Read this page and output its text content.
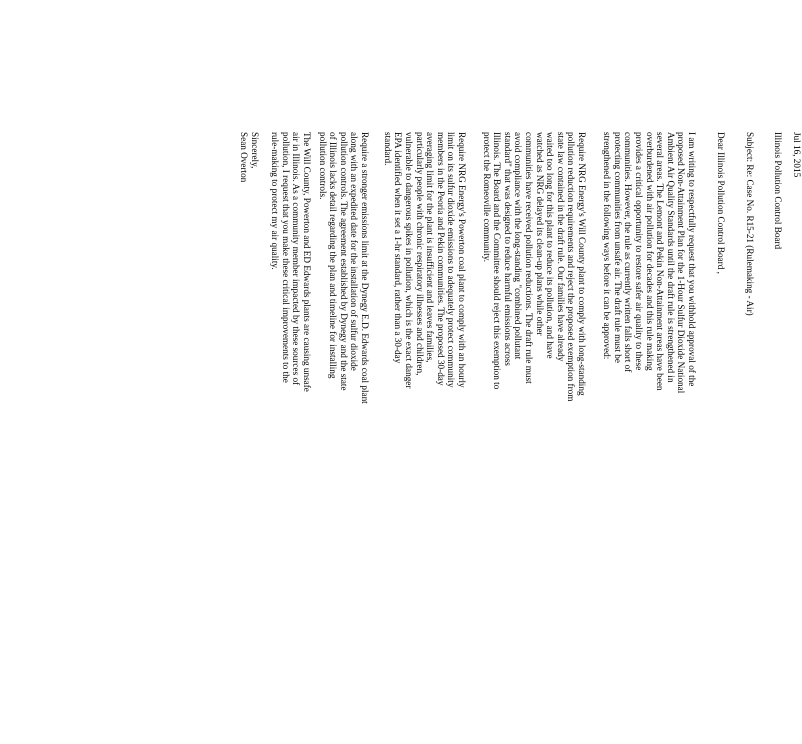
Jul 16, 2015
Illinois Pollution Control Board
Subject: Re: Case No. R15-21 (Rulemaking - Air)
Dear Illinois Pollution Control Board ,
I am writing to respectfully request that you withhold approval of the
proposed Non-Attainment Plan for the 1-Hour Sulfur Dioxide National
Ambient Air Quality Standards until the draft rule is strengthened in
several areas. The Lemont and Pekin Non-Attainment areas have been
overburdened with air pollution for decades and this rule making
provides a critical opportunity to restore safer air quality to these
communities. However, the rule as currently written falls short of
protecting communities from unsafe air. The draft rule must be
strengthened in the following ways before it can be approved:
Require NRG Energy's Will County plant to comply with long-standing
pollution reduction requirements and reject the proposed exemption from
state law contained in the draft rule. Our families have already
waited too long for this plant to reduce its pollution, and have
watched as NRG delayed its clean-up plans while other
communities have received pollution reductions. The draft rule must
avoid compliance with the long-standing "combined pollutant
standard" that was designed to reduce harmful emissions across
Illinois. The Board and the Committee should reject this exemption to
protect the Romeoville community.
Require NRG Energy's Powerton coal plant to comply with an hourly
limit on its sulfur dioxide emissions to adequately protect community
members in the Peoria and Pekin communities. The proposed 30-day
averaging limit for the plant is insufficient and leaves families,
particularly people with chronic respiratory illnesses and children,
vulnerable to dangerous spikes in pollution, which is the exact danger
EPA identified when it set a 1-hr standard, rather than a 30-day
standard.
Require a stronger emissions limit at the Dynegy E.D. Edwards coal plant
along with an expedited date for the installation of sulfur dioxide
pollution controls. The agreement established by Dynegy and the state
of Illinois lacks detail regarding the plan and timeline for installing
pollution controls.
The Will County, Powerton and ED Edwards plants are causing unsafe
air in Illinois. As a community member impacted by these sources of
pollution, I request that you make these critical improvements to the
rule-making to protect my air quality.
Sincerely,
Sean Overton
